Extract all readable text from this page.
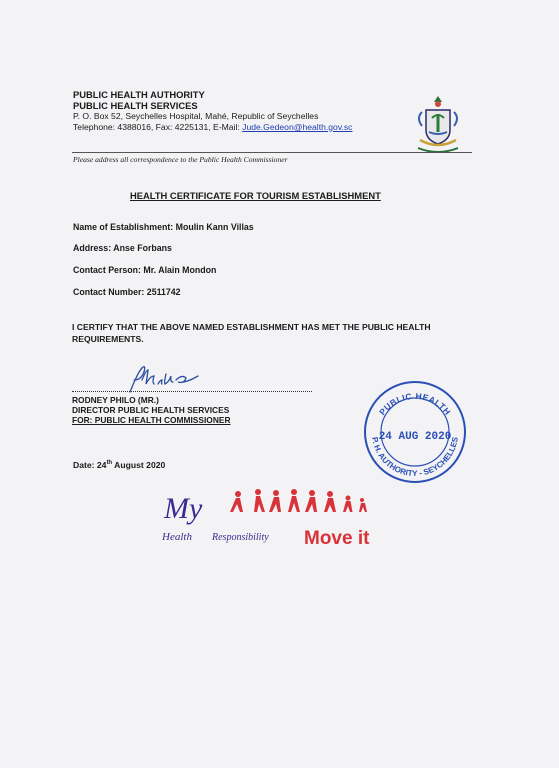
PUBLIC HEALTH AUTHORITY
PUBLIC HEALTH SERVICES
P. O. Box 52, Seychelles Hospital, Mahé, Republic of Seychelles
Telephone: 4388016, Fax: 4225131, E-Mail: Jude.Gedeon@health.gov.sc
Please address all correspondence to the Public Health Commissioner
HEALTH CERTIFICATE FOR TOURISM ESTABLISHMENT
Name of Establishment: Moulin Kann Villas
Address: Anse Forbans
Contact Person: Mr. Alain Mondon
Contact Number: 2511742
I CERTIFY THAT THE ABOVE NAMED ESTABLISHMENT HAS MET THE PUBLIC HEALTH REQUIREMENTS.
RODNEY PHILO (MR.)
DIRECTOR PUBLIC HEALTH SERVICES
FOR: PUBLIC HEALTH COMMISSIONER
PUBLIC HEALTH
P. H. AUTHORITY - SEYCHELLES
24 AUG 2020
Date: 24th August 2020
My
Health Responsibility Move it
